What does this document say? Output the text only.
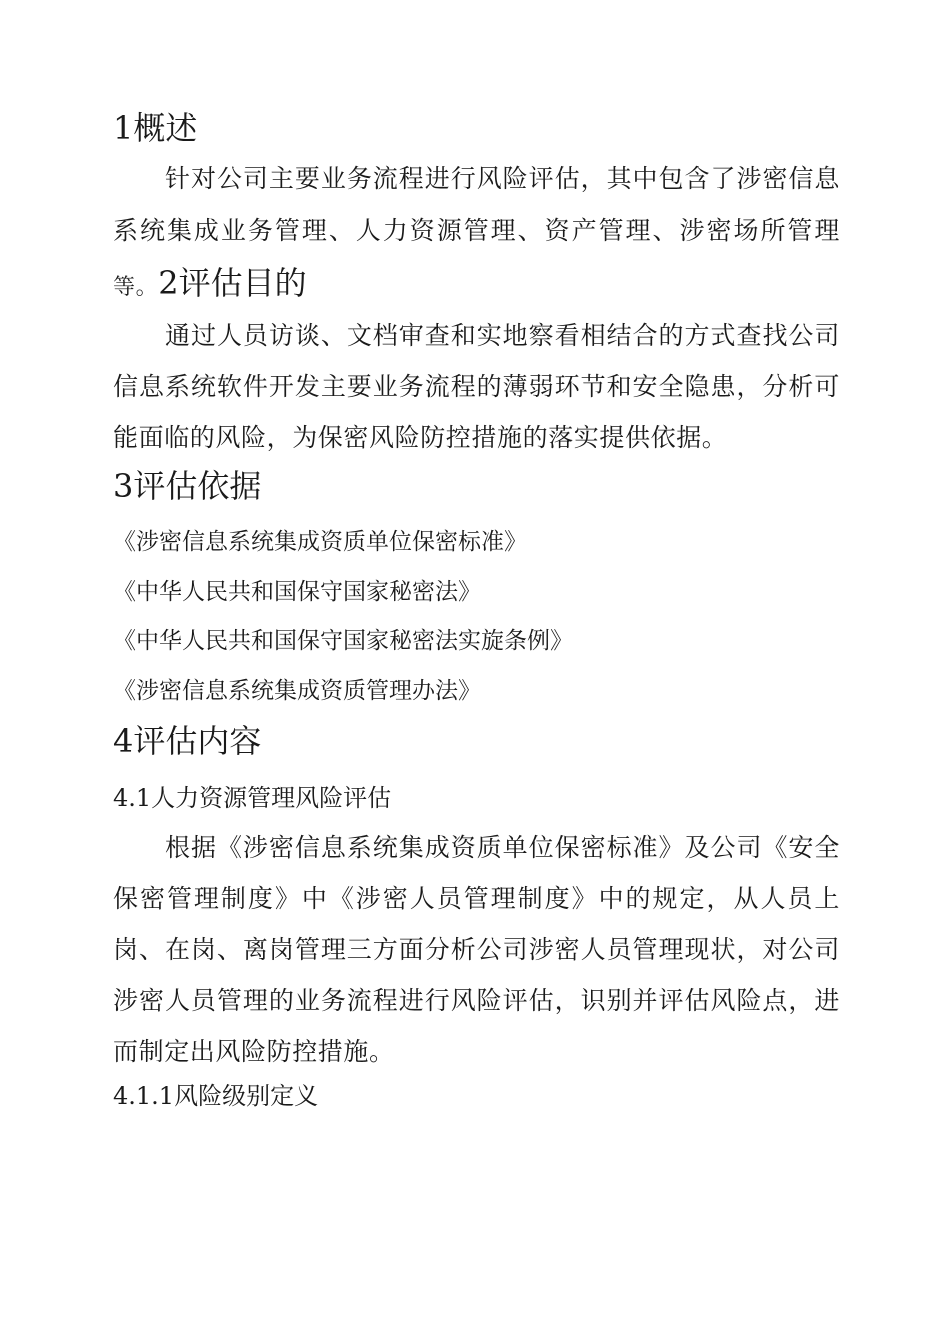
1概述

针对公司主要业务流程进行风险评估，其中包含了涉密信息系统集成业务管理、人力资源管理、资产管理、涉密场所管理等。2评估目的

通过人员访谈、文档审查和实地察看相结合的方式查找公司信息系统软件开发主要业务流程的薄弱环节和安全隐患，分析可能面临的风险，为保密风险防控措施的落实提供依据。

3评估依据
《涉密信息系统集成资质单位保密标准》
《中华人民共和国保守国家秘密法》
《中华人民共和国保守国家秘密法实旋条例》
《涉密信息系统集成资质管理办法》
4评估内容
4.1人力资源管理风险评估

根据《涉密信息系统集成资质单位保密标准》及公司《安全保密管理制度》中《涉密人员管理制度》中的规定，从人员上岗、在岗、离岗管理三方面分析公司涉密人员管理现状，对公司涉密人员管理的业务流程进行风险评估，识别并评估风险点，进而制定出风险防控措施。

4.1.1风险级别定义
